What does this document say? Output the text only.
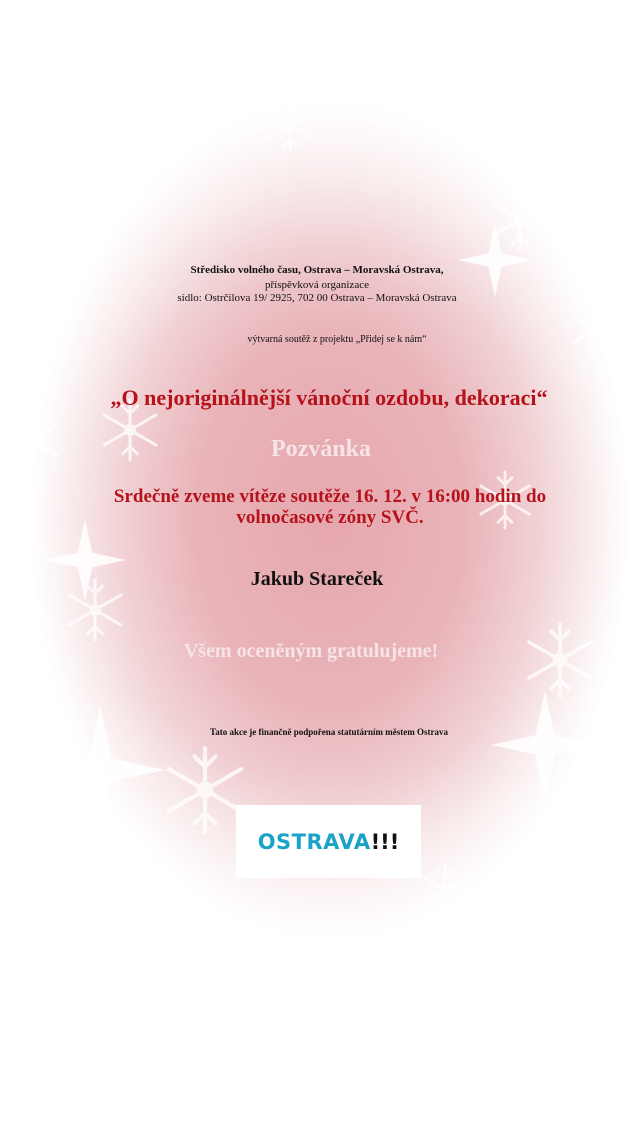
Středisko volného času, Ostrava – Moravská Ostrava,
příspěvková organizace
sídlo: Ostrčilova 19/ 2925, 702 00 Ostrava – Moravská Ostrava
výtvarná soutěž z projektu „Přidej se k nám“
„O nejoriginálnější vánoční ozdobu, dekoraci“
Pozvánka
Srdečně zveme vítěze soutěže 16. 12. v 16:00 hodin do volnočasové zóny SVČ.
Jakub Stareček
Všem oceněným gratulujeme!
Tato akce je finančně podpořena statutárním městem Ostrava
OSTRAVA !!!
